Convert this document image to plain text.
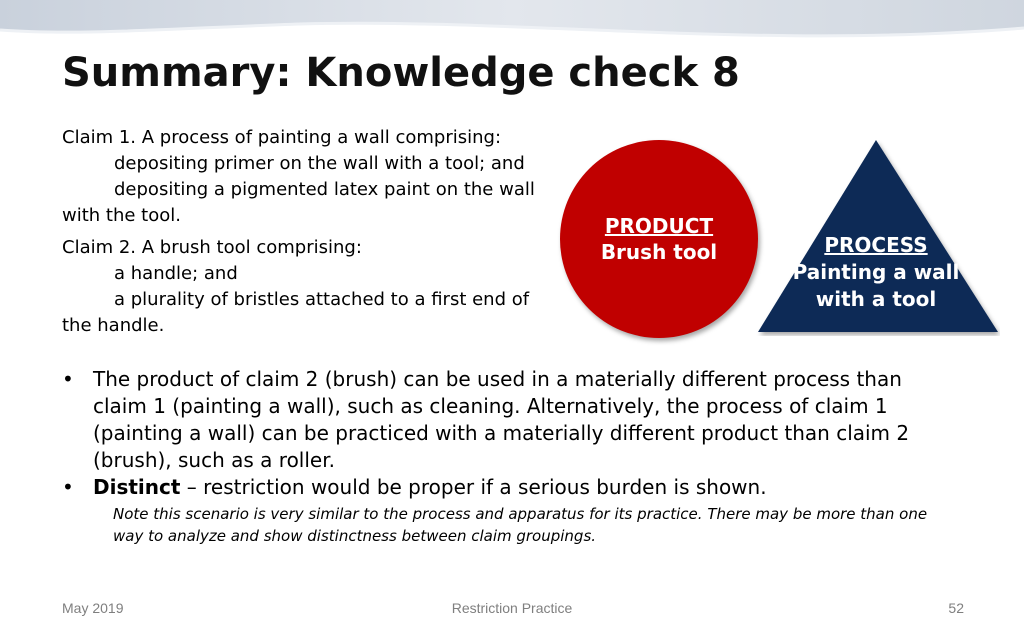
Summary: Knowledge check 8
Claim 1. A process of painting a wall comprising:
depositing primer on the wall with a tool; and
depositing a pigmented latex paint on the wall
with the tool.
Claim 2. A brush tool comprising:
a handle; and
a plurality of bristles attached to a first end of
the handle.
PRODUCT
Brush tool	PROCESS
Painting a wall
with a tool
• The product of claim 2 (brush) can be used in a materially different process than claim 1 (painting a wall), such as cleaning. Alternatively, the process of claim 1 (painting a wall) can be practiced with a materially different product than claim 2 (brush), such as a roller.
• Distinct – restriction would be proper if a serious burden is shown.
Note this scenario is very similar to the process and apparatus for its practice. There may be more than one way to analyze and show distinctness between claim groupings.
May 2019	Restriction Practice	52
